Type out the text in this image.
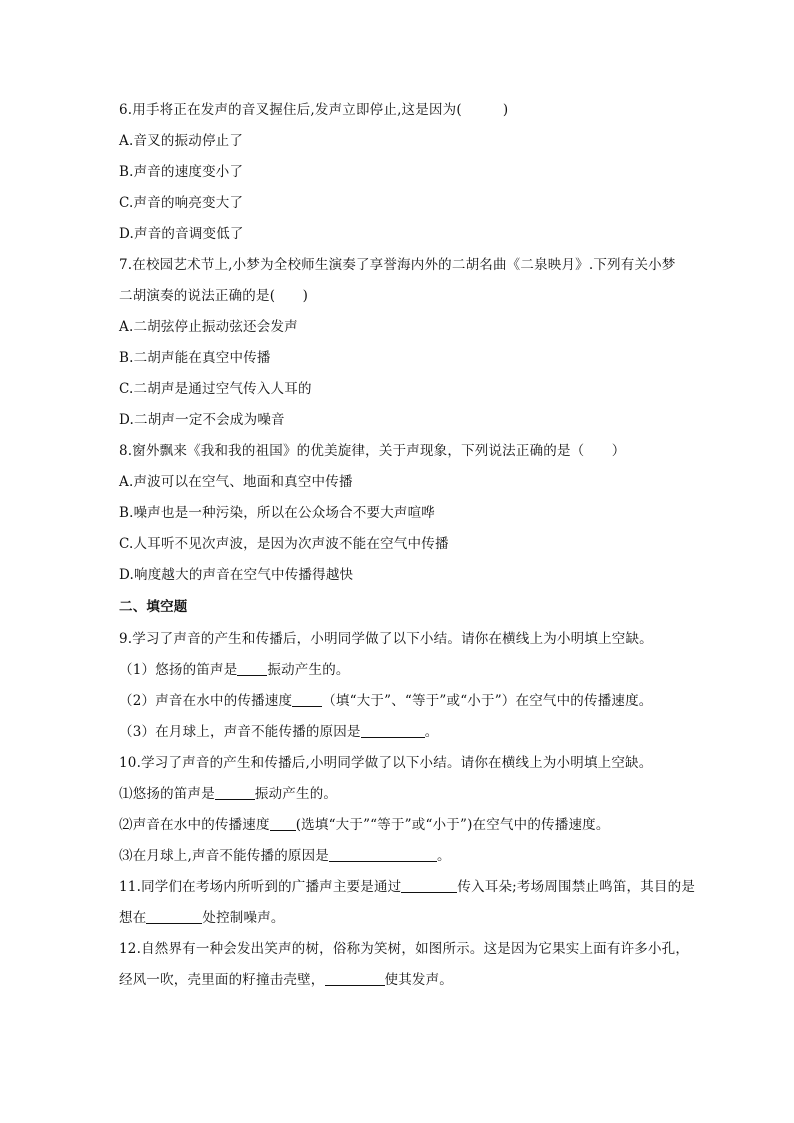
6.用手将正在发声的音叉握住后,发声立即停止,这是因为(　　　)
A.音叉的振动停止了
B.声音的速度变小了
C.声音的响亮变大了
D.声音的音调变低了
7.在校园艺术节上,小梦为全校师生演奏了享誉海内外的二胡名曲《二泉映月》.下列有关小梦
二胡演奏的说法正确的是(　　)
A.二胡弦停止振动弦还会发声
B.二胡声能在真空中传播
C.二胡声是通过空气传入人耳的
D.二胡声一定不会成为噪音
8.窗外飘来《我和我的祖国》的优美旋律，关于声现象，下列说法正确的是（　　）
A.声波可以在空气、地面和真空中传播
B.噪声也是一种污染，所以在公众场合不要大声喧哗
C.人耳听不见次声波，是因为次声波不能在空气中传播
D.响度越大的声音在空气中传播得越快
二、填空题
9.学习了声音的产生和传播后，小明同学做了以下小结。请你在横线上为小明填上空缺。
（1）悠扬的笛声是 振动产生的。
（2）声音在水中的传播速度 （填“大于”、“等于”或“小于”）在空气中的传播速度。
（3）在月球上，声音不能传播的原因是	。
10.学习了声音的产生和传播后,小明同学做了以下小结。请你在横线上为小明填上空缺。
⑴悠扬的笛声是	振动产生的。
⑵声音在水中的传播速度 (选填“大于”“等于”或“小于”)在空气中的传播速度。
⑶在月球上,声音不能传播的原因是	。
11.同学们在考场内所听到的广播声主要是通过	传入耳朵;考场周围禁止鸣笛，其目的是
想在	处控制噪声。
12.自然界有一种会发出笑声的树，俗称为笑树，如图所示。这是因为它果实上面有许多小孔，
经风一吹，壳里面的籽撞击壳壁，	使其发声。
